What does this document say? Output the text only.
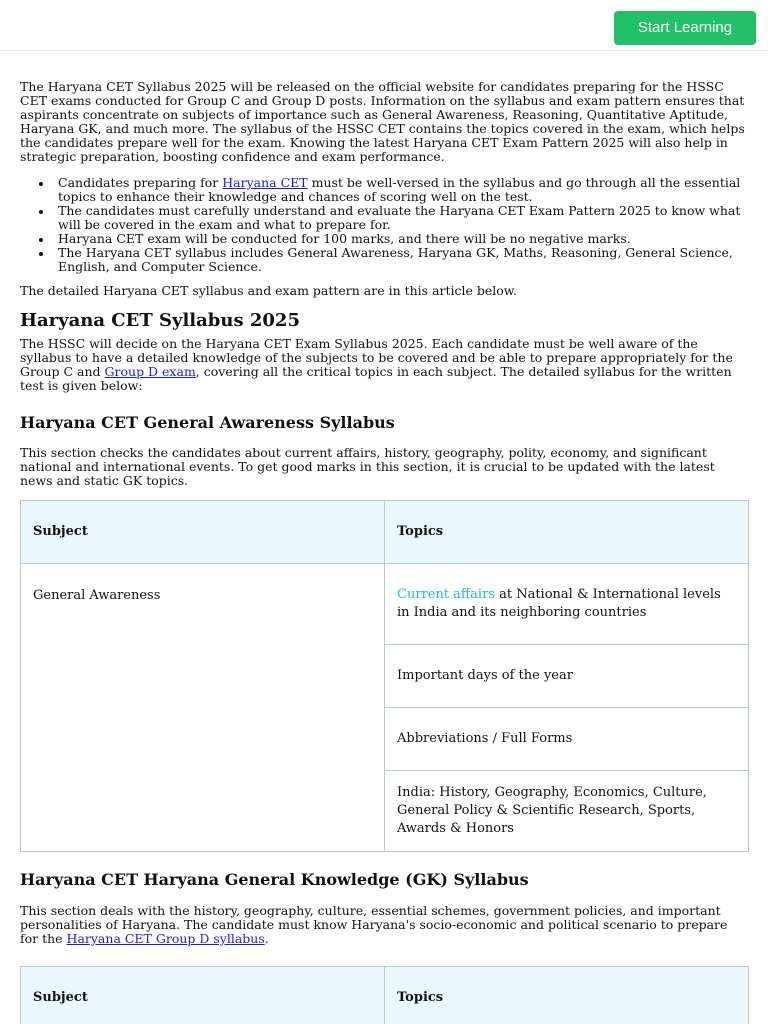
Start Learning

The Haryana CET Syllabus 2025 will be released on the official website for candidates preparing for the HSSC CET exams conducted for Group C and Group D posts. Information on the syllabus and exam pattern ensures that aspirants concentrate on subjects of importance such as General Awareness, Reasoning, Quantitative Aptitude, Haryana GK, and much more. The syllabus of the HSSC CET contains the topics covered in the exam, which helps the candidates prepare well for the exam. Knowing the latest Haryana CET Exam Pattern 2025 will also help in strategic preparation, boosting confidence and exam performance.

Candidates preparing for Haryana CET must be well-versed in the syllabus and go through all the essential topics to enhance their knowledge and chances of scoring well on the test.
The candidates must carefully understand and evaluate the Haryana CET Exam Pattern 2025 to know what will be covered in the exam and what to prepare for.
Haryana CET exam will be conducted for 100 marks, and there will be no negative marks.
The Haryana CET syllabus includes General Awareness, Haryana GK, Maths, Reasoning, General Science, English, and Computer Science.

The detailed Haryana CET syllabus and exam pattern are in this article below.

Haryana CET Syllabus 2025

The HSSC will decide on the Haryana CET Exam Syllabus 2025. Each candidate must be well aware of the syllabus to have a detailed knowledge of the subjects to be covered and be able to prepare appropriately for the Group C and Group D exam, covering all the critical topics in each subject. The detailed syllabus for the written test is given below:

Haryana CET General Awareness Syllabus

This section checks the candidates about current affairs, history, geography, polity, economy, and significant national and international events. To get good marks in this section, it is crucial to be updated with the latest news and static GK topics.

Subject	Topics
General Awareness	Current affairs at National & International levels in India and its neighboring countries
	Important days of the year
	Abbreviations / Full Forms
	India: History, Geography, Economics, Culture, General Policy & Scientific Research, Sports, Awards & Honors
Haryana CET Haryana General Knowledge (GK) Syllabus

This section deals with the history, geography, culture, essential schemes, government policies, and important personalities of Haryana. The candidate must know Haryana's socio-economic and political scenario to prepare for the Haryana CET Group D syllabus.

Subject	Topics
